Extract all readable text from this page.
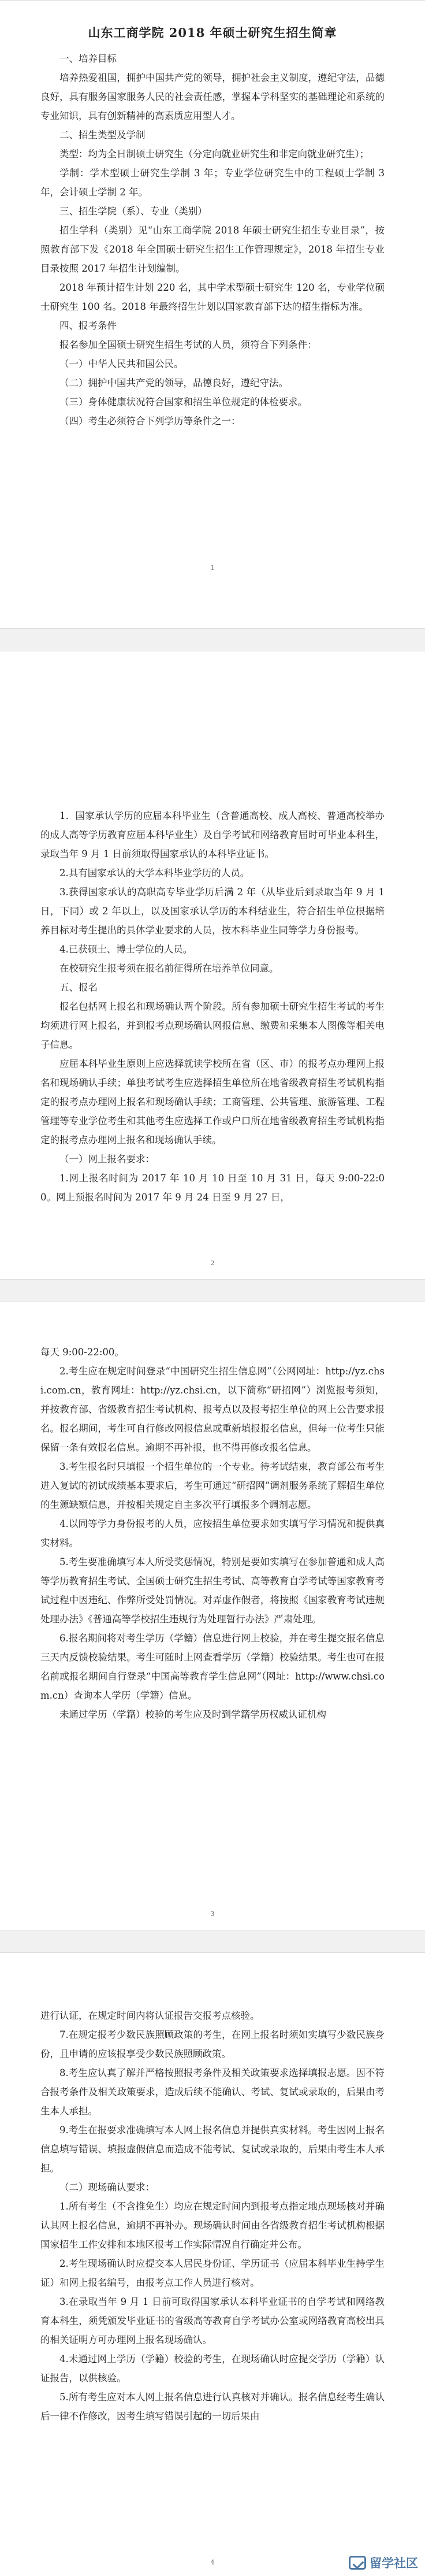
山东工商学院 2018 年硕士研究生招生简章

一、培养目标

培养热爱祖国，拥护中国共产党的领导，拥护社会主义制度，遵纪守法，品德良好，具有服务国家服务人民的社会责任感，掌握本学科坚实的基础理论和系统的专业知识，具有创新精神的高素质应用型人才。

二、招生类型及学制

类型：均为全日制硕士研究生（分定向就业研究生和非定向就业研究生）；

学制：学术型硕士研究生学制 3 年；专业学位研究生中的工程硕士学制 3 年，会计硕士学制 2 年。

三、招生学院（系）、专业（类别）

招生学科（类别）见“山东工商学院 2018 年硕士研究生招生专业目录”，按照教育部下发《2018 年全国硕士研究生招生工作管理规定》，2018 年招生专业目录按照 2017 年招生计划编制。

2018 年预计招生计划 220 名，其中学术型硕士研究生 120 名，专业学位硕士研究生 100 名。2018 年最终招生计划以国家教育部下达的招生指标为准。

四、报考条件

报名参加全国硕士研究生招生考试的人员，须符合下列条件：

（一）中华人民共和国公民。

（二）拥护中国共产党的领导，品德良好，遵纪守法。

（三）身体健康状况符合国家和招生单位规定的体检要求。

（四）考生必须符合下列学历等条件之一：

1

1．国家承认学历的应届本科毕业生（含普通高校、成人高校、普通高校举办的成人高等学历教育应届本科毕业生）及自学考试和网络教育届时可毕业本科生，录取当年 9 月 1 日前须取得国家承认的本科毕业证书。

2.具有国家承认的大学本科毕业学历的人员。

3.获得国家承认的高职高专毕业学历后满 2 年（从毕业后到录取当年 9 月 1 日，下同）或 2 年以上，以及国家承认学历的本科结业生，符合招生单位根据培养目标对考生提出的具体学业要求的人员，按本科毕业生同等学力身份报考。

4.已获硕士、博士学位的人员。

在校研究生报考须在报名前征得所在培养单位同意。

五、报名

报名包括网上报名和现场确认两个阶段。所有参加硕士研究生招生考试的考生均须进行网上报名，并到报考点现场确认网报信息、缴费和采集本人图像等相关电子信息。

应届本科毕业生原则上应选择就读学校所在省（区、市）的报考点办理网上报名和现场确认手续；单独考试考生应选择招生单位所在地省级教育招生考试机构指定的报考点办理网上报名和现场确认手续；工商管理、公共管理、旅游管理、工程管理等专业学位考生和其他考生应选择工作或户口所在地省级教育招生考试机构指定的报考点办理网上报名和现场确认手续。

（一）网上报名要求：

1.网上报名时间为 2017 年 10 月 10 日至 10 月 31 日，每天 9:00-22:00。网上预报名时间为 2017 年 9 月 24 日至 9 月 27 日，

2

每天 9:00-22:00。

2.考生应在规定时间登录“中国研究生招生信息网”（公网网址：http://yz.chsi.com.cn，教育网址：http://yz.chsi.cn，以下简称“研招网”）浏览报考须知，并按教育部、省级教育招生考试机构、报考点以及报考招生单位的网上公告要求报名。报名期间，考生可自行修改网报信息或重新填报报名信息，但每一位考生只能保留一条有效报名信息。逾期不再补报，也不得再修改报名信息。

3.考生报名时只填报一个招生单位的一个专业。待考试结束，教育部公布考生进入复试的初试成绩基本要求后，考生可通过“研招网”调剂服务系统了解招生单位的生源缺额信息，并按相关规定自主多次平行填报多个调剂志愿。

4.以同等学力身份报考的人员，应按招生单位要求如实填写学习情况和提供真实材料。

5.考生要准确填写本人所受奖惩情况，特别是要如实填写在参加普通和成人高等学历教育招生考试、全国硕士研究生招生考试、高等教育自学考试等国家教育考试过程中因违纪、作弊所受处罚情况。对弄虚作假者，将按照《国家教育考试违规处理办法》《普通高等学校招生违规行为处理暂行办法》严肃处理。

6.报名期间将对考生学历（学籍）信息进行网上校验，并在考生提交报名信息三天内反馈校验结果。考生可随时上网查看学历（学籍）校验结果。考生也可在报名前或报名期间自行登录“中国高等教育学生信息网”（网址：http://www.chsi.com.cn）查询本人学历（学籍）信息。

未通过学历（学籍）校验的考生应及时到学籍学历权威认证机构

3

进行认证，在规定时间内将认证报告交报考点核验。

7.在规定报考少数民族照顾政策的考生，在网上报名时须如实填写少数民族身份，且申请的应该报享受少数民族照顾政策。

8.考生应认真了解并严格按照报考条件及相关政策要求选择填报志愿。因不符合报考条件及相关政策要求，造成后续不能确认、考试、复试或录取的，后果由考生本人承担。

9.考生在报要求准确填写本人网上报名信息并提供真实材料。考生因网上报名信息填写错误、填报虚假信息而造成不能考试、复试或录取的，后果由考生本人承担。

（二）现场确认要求：

1.所有考生（不含推免生）均应在规定时间内到报考点指定地点现场核对并确认其网上报名信息，逾期不再补办。现场确认时间由各省级教育招生考试机构根据国家招生工作安排和本地区报考工作实际情况自行确定并公布。

2.考生现场确认时应提交本人居民身份证、学历证书（应届本科毕业生持学生证）和网上报名编号，由报考点工作人员进行核对。

3.在录取当年 9 月 1 日前可取得国家承认本科毕业证书的自学考试和网络教育本科生，须凭颁发毕业证书的省级高等教育自学考试办公室或网络教育高校出具的相关证明方可办理网上报名现场确认。

4.未通过网上学历（学籍）校验的考生，在现场确认时应提交学历（学籍）认证报告，以供核验。

5.所有考生应对本人网上报名信息进行认真核对并确认。报名信息经考生确认后一律不作修改，因考生填写错误引起的一切后果由

4	留学社区
